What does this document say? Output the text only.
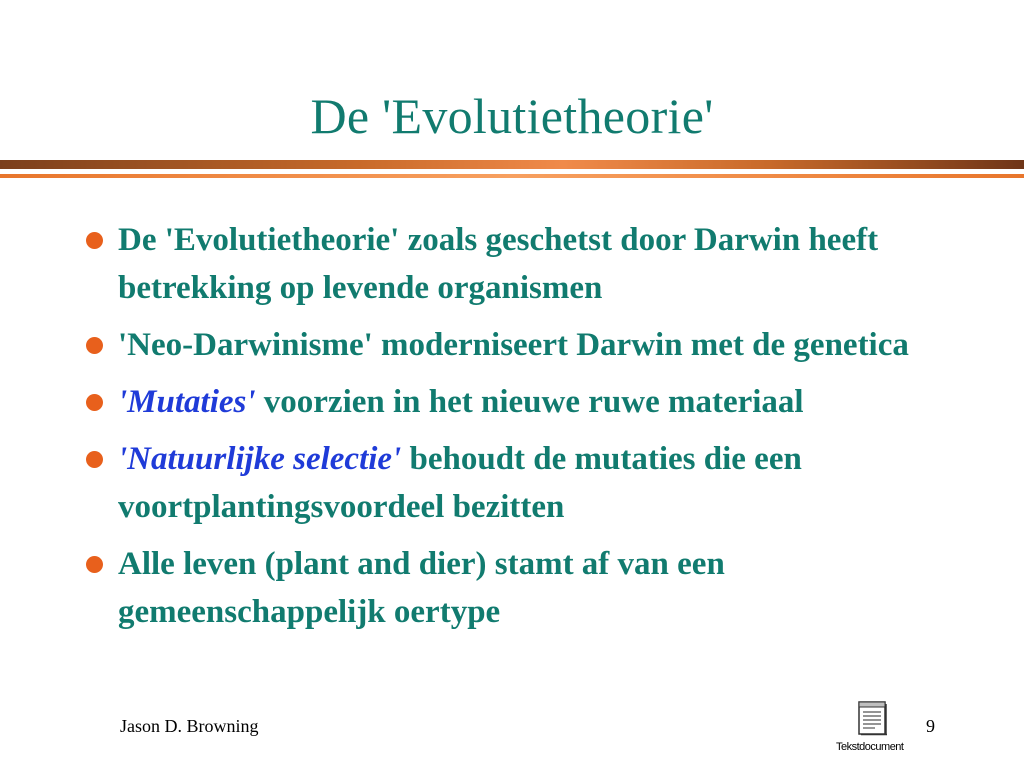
De 'Evolutietheorie'
De 'Evolutietheorie' zoals geschetst door Darwin heeft betrekking op levende organismen
'Neo-Darwinisme' moderniseert Darwin met de genetica
'Mutaties' voorzien in het nieuwe ruwe materiaal
'Natuurlijke selectie' behoudt de mutaties die een voortplantingsvoordeel bezitten
Alle leven (plant and dier) stamt af van een gemeenschappelijk oertype
Jason D. Browning
Tekstdocument
9
